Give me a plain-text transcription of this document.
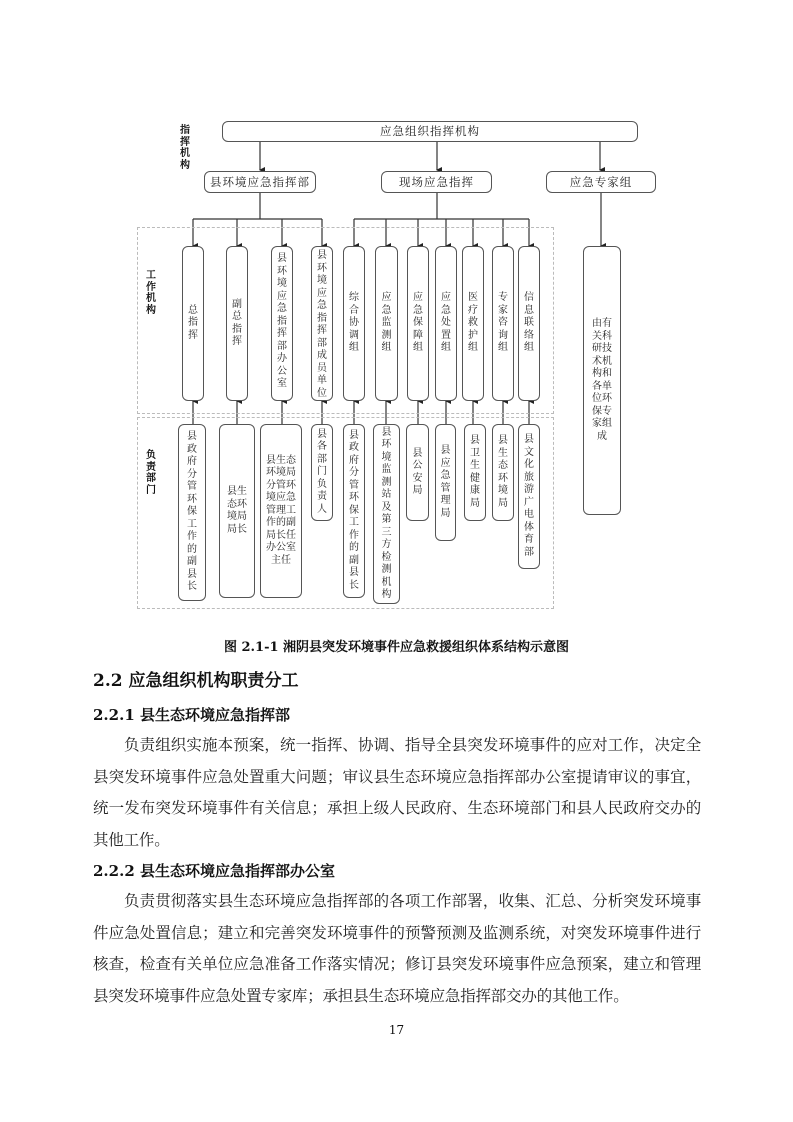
指挥机构
工作机构
负责部门
应急组织指挥机构
县环境应急指挥部	现场应急指挥	应急专家组
总指挥
副总指挥
县环境应急指挥部办公室
县环境应急指挥部成员单位
综合协调组
应急监测组
应急保障组
应急处置组
医疗救护组
专家咨询组
信息联络组
由有关科研技术机构和各单位环保专家组成
县政府分管环保工作的副县长
县生态环境局局长
县生态环境局分管环境应急管理工作的副局长任办公室主任
县各部门负责人
县政府分管环保工作的副县长
县环境监测站及第三方检测机构
县公安局
县应急管理局
县卫生健康局
县生态环境局
县文化旅游广电体育部
图 2.1-1 湘阴县突发环境事件应急救援组织体系结构示意图
2.2 应急组织机构职责分工
2.2.1 县生态环境应急指挥部
负责组织实施本预案，统一指挥、协调、指导全县突发环境事件的应对工作，决定全县突发环境事件应急处置重大问题；审议县生态环境应急指挥部办公室提请审议的事宜，统一发布突发环境事件有关信息；承担上级人民政府、生态环境部门和县人民政府交办的其他工作。
2.2.2 县生态环境应急指挥部办公室
负责贯彻落实县生态环境应急指挥部的各项工作部署，收集、汇总、分析突发环境事件应急处置信息；建立和完善突发环境事件的预警预测及监测系统，对突发环境事件进行核查，检查有关单位应急准备工作落实情况；修订县突发环境事件应急预案，建立和管理县突发环境事件应急处置专家库；承担县生态环境应急指挥部交办的其他工作。
17
